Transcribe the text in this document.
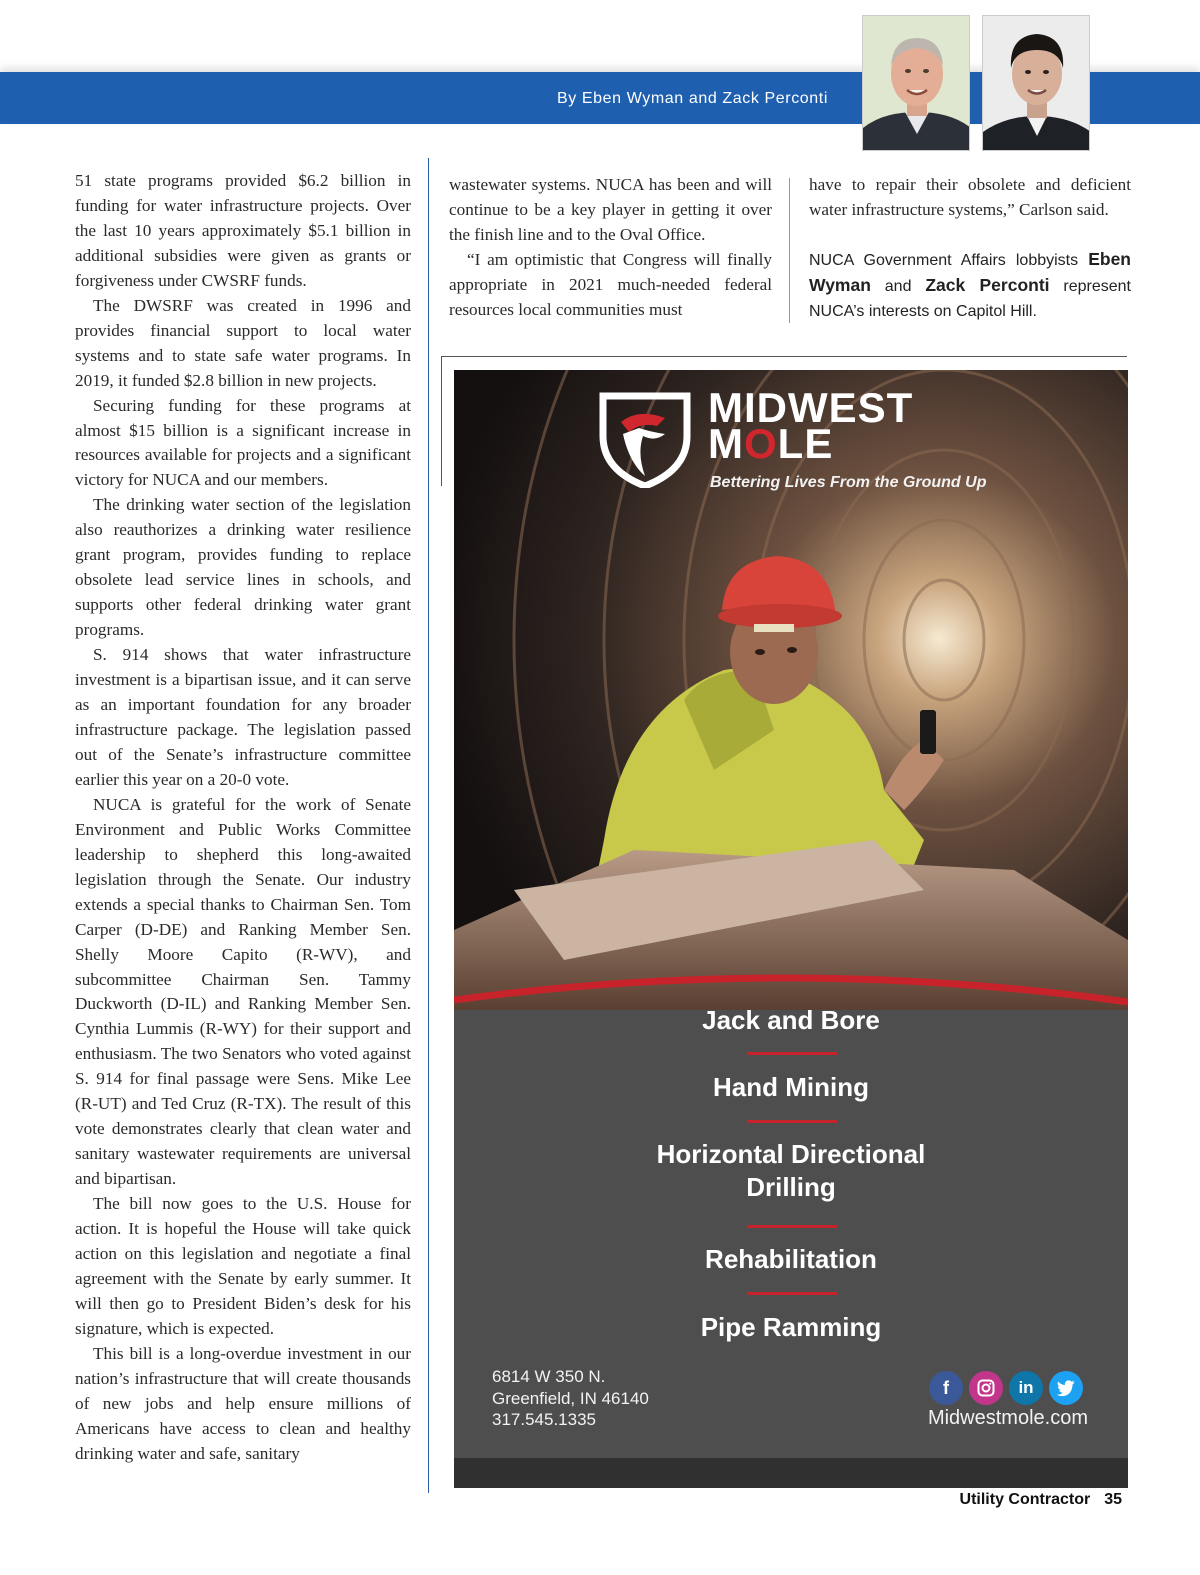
By Eben Wyman and Zack Perconti

51 state programs provided $6.2 billion in funding for water infrastructure projects. Over the last 10 years approximately $5.1 billion in additional subsidies were given as grants or forgiveness under CWSRF funds.

The DWSRF was created in 1996 and provides financial support to local water systems and to state safe water programs. In 2019, it funded $2.8 billion in new projects.

Securing funding for these programs at almost $15 billion is a significant increase in resources available for projects and a significant victory for NUCA and our members.

The drinking water section of the legislation also reauthorizes a drinking water resilience grant program, provides funding to replace obsolete lead service lines in schools, and supports other federal drinking water grant programs.

S. 914 shows that water infrastructure investment is a bipartisan issue, and it can serve as an important foundation for any broader infrastructure package. The legislation passed out of the Senate’s infrastructure committee earlier this year on a 20-0 vote.

NUCA is grateful for the work of Senate Environment and Public Works Committee leadership to shepherd this long-awaited legislation through the Senate. Our industry extends a special thanks to Chairman Sen. Tom Carper (D-DE) and Ranking Member Sen. Shelly Moore Capito (R-WV), and subcommittee Chairman Sen. Tammy Duckworth (D-IL) and Ranking Member Sen. Cynthia Lummis (R-WY) for their support and enthusiasm. The two Senators who voted against S. 914 for final passage were Sens. Mike Lee (R-UT) and Ted Cruz (R-TX). The result of this vote demonstrates clearly that clean water and sanitary wastewater requirements are universal and bipartisan.

The bill now goes to the U.S. House for action. It is hopeful the House will take quick action on this legislation and negotiate a final agreement with the Senate by early summer. It will then go to President Biden’s desk for his signature, which is expected.

This bill is a long-overdue investment in our nation’s infrastructure that will create thousands of new jobs and help ensure millions of Americans have access to clean and healthy drinking water and safe, sanitary

wastewater systems. NUCA has been and will continue to be a key player in getting it over the finish line and to the Oval Office.

“I am optimistic that Congress will finally appropriate in 2021 much-needed federal resources local communities must

have to repair their obsolete and deficient water infrastructure systems,” Carlson said.

NUCA Government Affairs lobbyists Eben Wyman and Zack Perconti represent NUCA’s interests on Capitol Hill.

MIDWEST
MOLE
Bettering Lives From the Ground Up
Jack and Bore
Hand Mining
Horizontal Directional
Drilling
Rehabilitation
Pipe Ramming
6814 W 350 N.
Greenfield, IN 46140
317.545.1335
f	in
Midwestmole.com
Utility Contractor 35
